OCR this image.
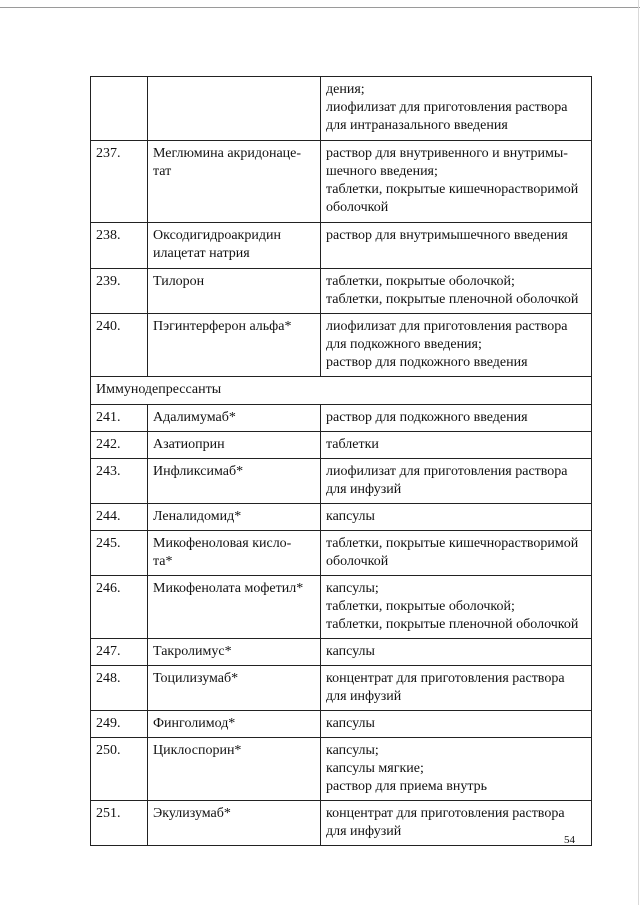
		дения;
лиофилизат для приготовления раствора
для интраназального введения

237.	Меглюмина акридонаце-
тат	раствор для внутривенного и внутримы-
шечного введения;
таблетки, покрытые кишечнорастворимой
оболочкой

238.	Оксодигидроакридин
илацетат натрия	раствор для внутримышечного введения

239.	Тилорон	таблетки, покрытые оболочкой;
таблетки, покрытые пленочной оболочкой

240.	Пэгинтерферон альфа*	лиофилизат для приготовления раствора
для подкожного введения;
раствор для подкожного введения

Иммунодепрессанты		
241.	Адалимумаб*	раствор для подкожного введения

242.	Азатиоприн	таблетки

243.	Инфликсимаб*	лиофилизат для приготовления раствора
для инфузий

244.	Леналидомид*	капсулы

245.	Микофеноловая кисло-
та*	таблетки, покрытые кишечнорастворимой
оболочкой

246.	Микофенолата мофетил*	капсулы;
таблетки, покрытые оболочкой;
таблетки, покрытые пленочной оболочкой

247.	Такролимус*	капсулы

248.	Тоцилизумаб*	концентрат для приготовления раствора
для инфузий

249.	Финголимод*	капсулы

250.	Циклоспорин*	капсулы;
капсулы мягкие;
раствор для приема внутрь

251.	Экулизумаб*	концентрат для приготовления раствора
для инфузий
54
